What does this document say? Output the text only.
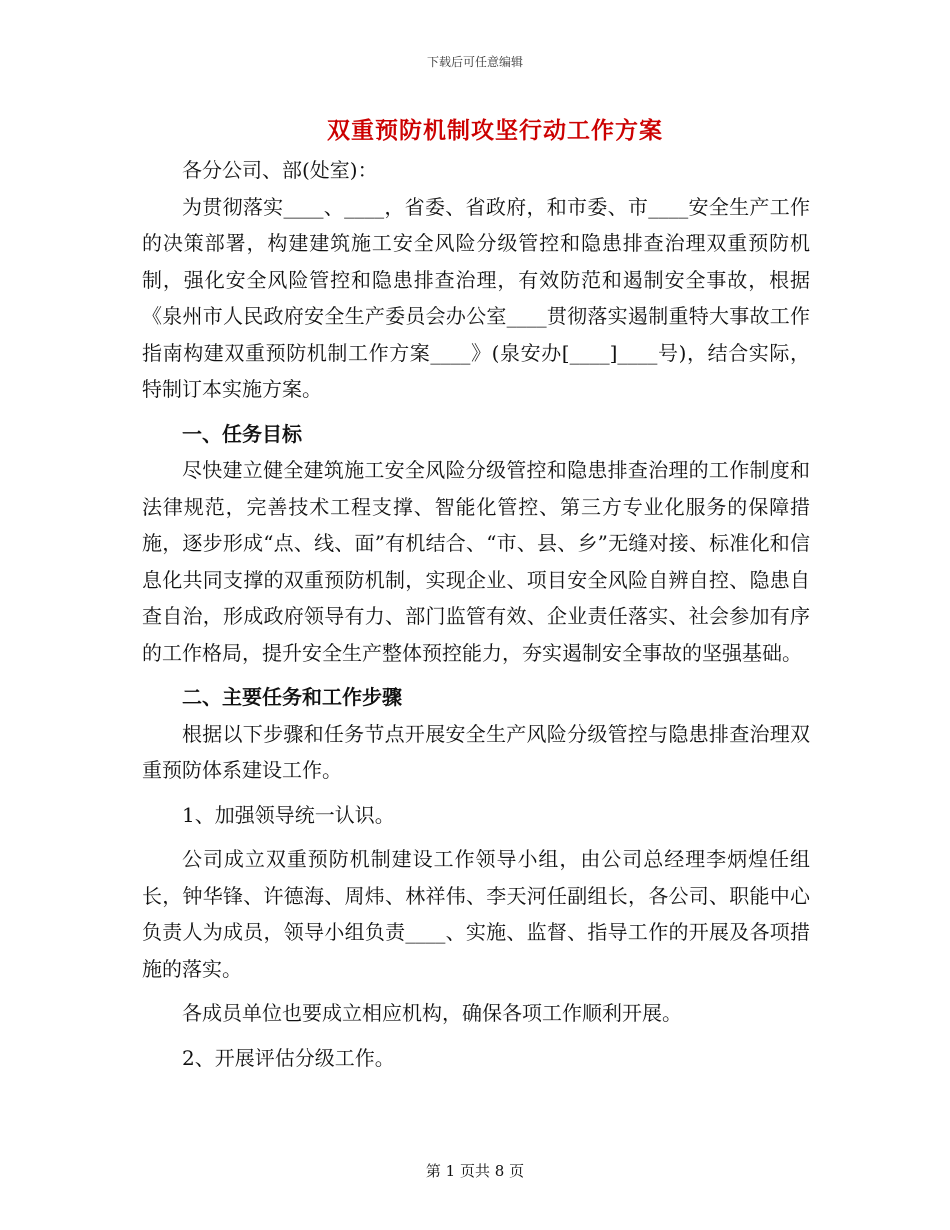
下载后可任意编辑
双重预防机制攻坚行动工作方案

各分公司、部(处室)：

为贯彻落实____、____，省委、省政府，和市委、市____安全生产工作的决策部署，构建建筑施工安全风险分级管控和隐患排查治理双重预防机制，强化安全风险管控和隐患排查治理，有效防范和遏制安全事故，根据《泉州市人民政府安全生产委员会办公室____贯彻落实遏制重特大事故工作指南构建双重预防机制工作方案____》(泉安办[____]____号)，结合实际，特制订本实施方案。

一、任务目标

尽快建立健全建筑施工安全风险分级管控和隐患排查治理的工作制度和法律规范，完善技术工程支撑、智能化管控、第三方专业化服务的保障措施，逐步形成“点、线、面”有机结合、“市、县、乡”无缝对接、标准化和信息化共同支撑的双重预防机制，实现企业、项目安全风险自辨自控、隐患自查自治，形成政府领导有力、部门监管有效、企业责任落实、社会参加有序的工作格局，提升安全生产整体预控能力，夯实遏制安全事故的坚强基础。

二、主要任务和工作步骤

根据以下步骤和任务节点开展安全生产风险分级管控与隐患排查治理双重预防体系建设工作。

1、加强领导统一认识。

公司成立双重预防机制建设工作领导小组，由公司总经理李炳煌任组长，钟华锋、许德海、周炜、林祥伟、李天河任副组长，各公司、职能中心负责人为成员，领导小组负责____、实施、监督、指导工作的开展及各项措施的落实。

各成员单位也要成立相应机构，确保各项工作顺利开展。

2、开展评估分级工作。

第 1 页共 8 页
